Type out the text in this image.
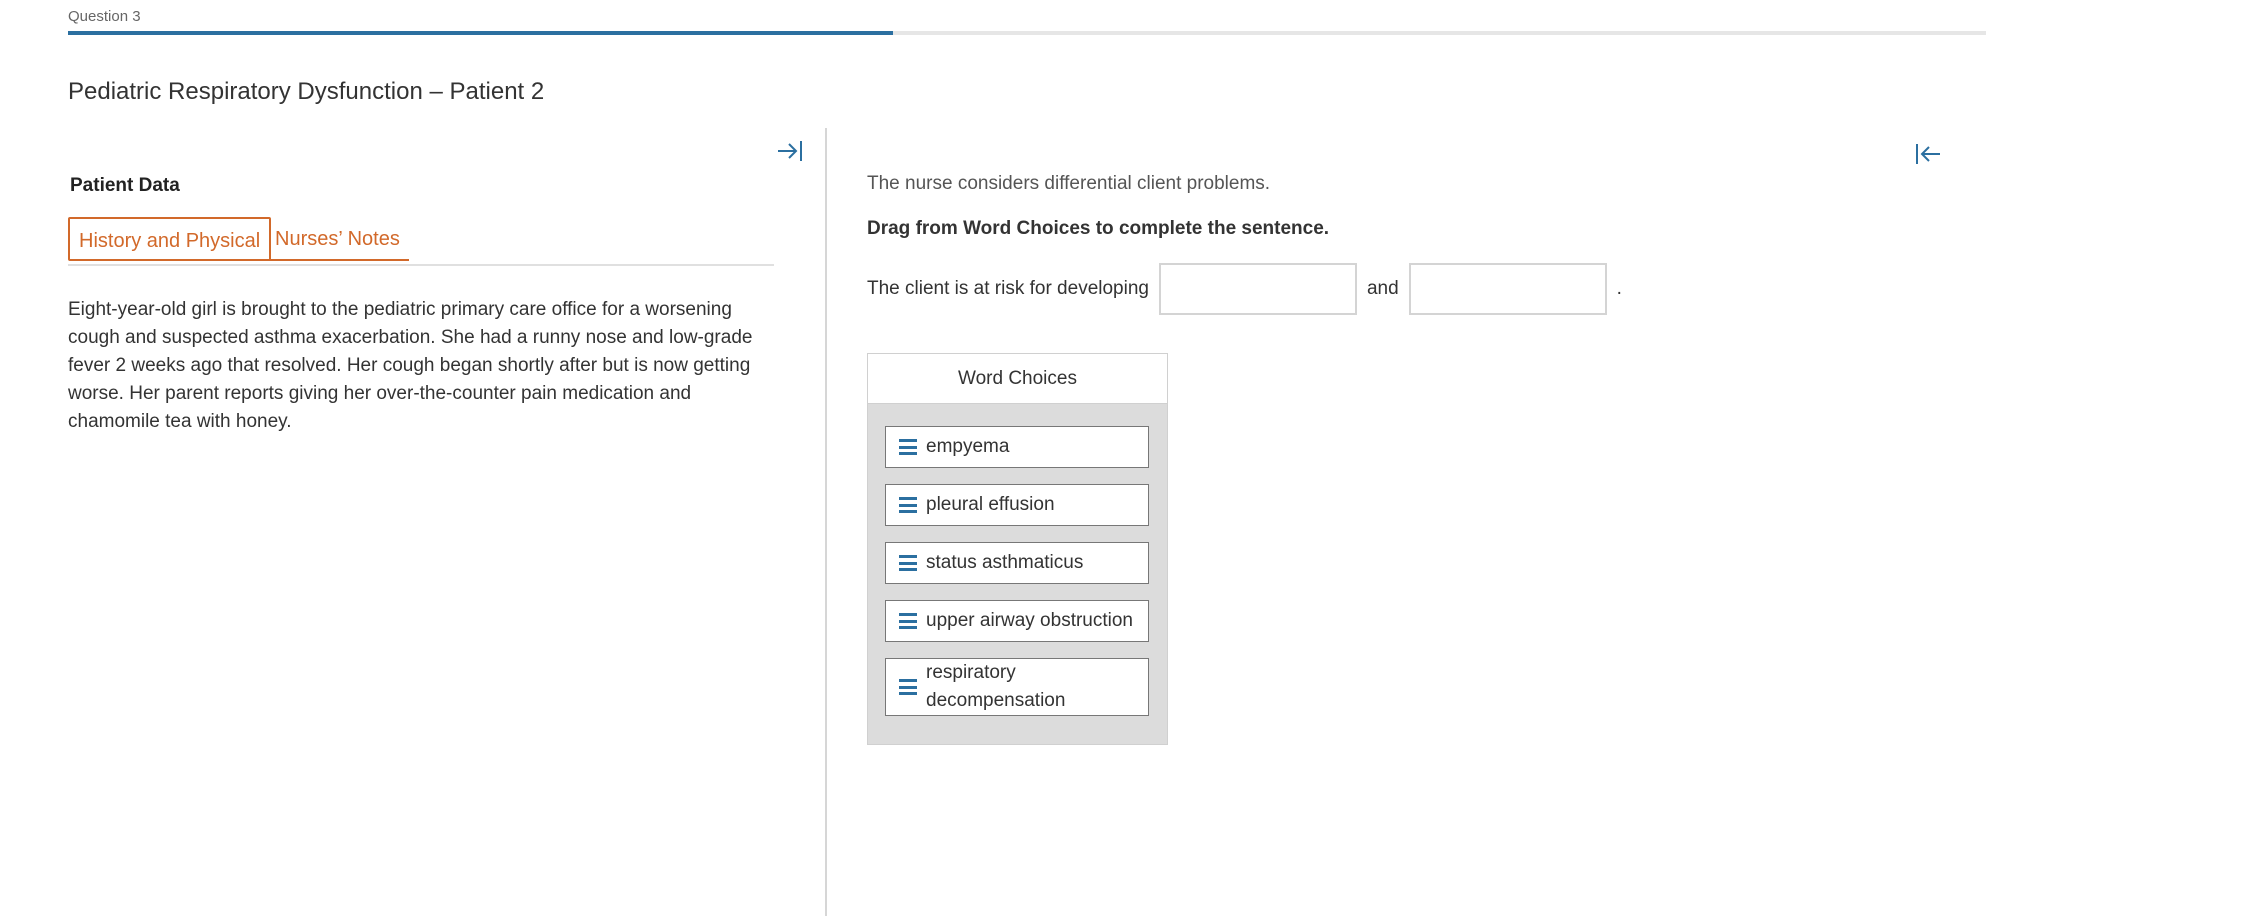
Question 3
Pediatric Respiratory Dysfunction – Patient 2
Patient Data
History and Physical Nurses’ Notes
Eight-year-old girl is brought to the pediatric primary care office for a worsening cough and suspected asthma exacerbation. She had a runny nose and low-grade fever 2 weeks ago that resolved. Her cough began shortly after but is now getting worse. Her parent reports giving her over-the-counter pain medication and chamomile tea with honey.
The nurse considers differential client problems.
Drag from Word Choices to complete the sentence.
The client is at risk for developing	and	.
Word Choices
empyema
pleural effusion
status asthmaticus
upper airway obstruction
respiratory decompensation
